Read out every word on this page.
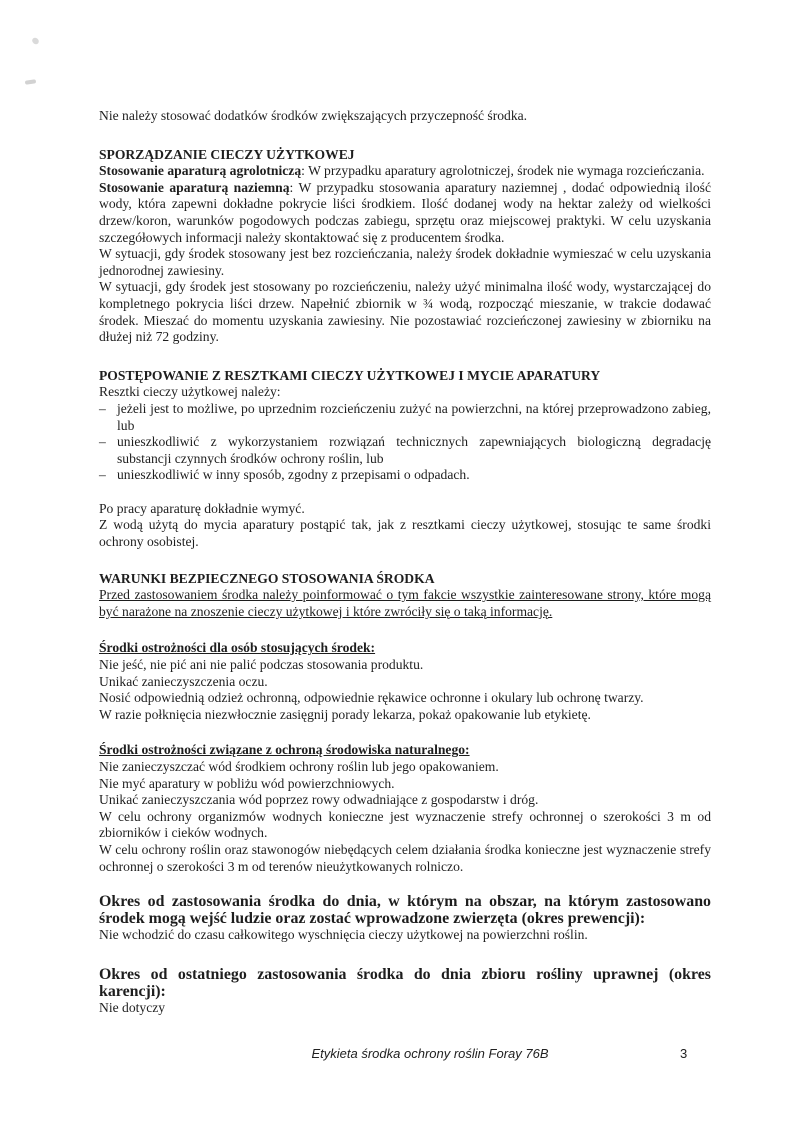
Nie należy stosować dodatków środków zwiększających przyczepność środka.

SPORZĄDZANIE CIECZY UŻYTKOWEJ

Stosowanie aparaturą agrolotniczą: W przypadku aparatury agrolotniczej, środek nie wymaga rozcieńczania.

Stosowanie aparaturą naziemną: W przypadku stosowania aparatury naziemnej , dodać odpowiednią ilość wody, która zapewni dokładne pokrycie liści środkiem. Ilość dodanej wody na hektar zależy od wielkości drzew/koron, warunków pogodowych podczas zabiegu, sprzętu oraz miejscowej praktyki. W celu uzyskania szczegółowych informacji należy skontaktować się z producentem środka.

W sytuacji, gdy środek stosowany jest bez rozcieńczania, należy środek dokładnie wymieszać w celu uzyskania jednorodnej zawiesiny.

W sytuacji, gdy środek jest stosowany po rozcieńczeniu, należy użyć minimalna ilość wody, wystarczającej do kompletnego pokrycia liści drzew. Napełnić zbiornik w ¾ wodą, rozpocząć mieszanie, w trakcie dodawać środek. Mieszać do momentu uzyskania zawiesiny. Nie pozostawiać rozcieńczonej zawiesiny w zbiorniku na dłużej niż 72 godziny.

POSTĘPOWANIE Z RESZTKAMI CIECZY UŻYTKOWEJ I MYCIE APARATURY

Resztki cieczy użytkowej należy:

– jeżeli jest to możliwe, po uprzednim rozcieńczeniu zużyć na powierzchni, na której przeprowadzono zabieg, lub
– unieszkodliwić z wykorzystaniem rozwiązań technicznych zapewniających biologiczną degradację substancji czynnych środków ochrony roślin, lub
– unieszkodliwić w inny sposób, zgodny z przepisami o odpadach.

Po pracy aparaturę dokładnie wymyć.

Z wodą użytą do mycia aparatury postąpić tak, jak z resztkami cieczy użytkowej, stosując te same środki ochrony osobistej.

WARUNKI BEZPIECZNEGO STOSOWANIA ŚRODKA

Przed zastosowaniem środka należy poinformować o tym fakcie wszystkie zainteresowane strony, które mogą być narażone na znoszenie cieczy użytkowej i które zwróciły się o taką informację.

Środki ostrożności dla osób stosujących środek:

Nie jeść, nie pić ani nie palić podczas stosowania produktu.

Unikać zanieczyszczenia oczu.

Nosić odpowiednią odzież ochronną, odpowiednie rękawice ochronne i okulary lub ochronę twarzy.

W razie połknięcia niezwłocznie zasięgnij porady lekarza, pokaż opakowanie lub etykietę.

Środki ostrożności związane z ochroną środowiska naturalnego:

Nie zanieczyszczać wód środkiem ochrony roślin lub jego opakowaniem.

Nie myć aparatury w pobliżu wód powierzchniowych.

Unikać zanieczyszczania wód poprzez rowy odwadniające z gospodarstw i dróg.

W celu ochrony organizmów wodnych konieczne jest wyznaczenie strefy ochronnej o szerokości 3 m od zbiorników i cieków wodnych.

W celu ochrony roślin oraz stawonogów niebędących celem działania środka konieczne jest wyznaczenie strefy ochronnej o szerokości 3 m od terenów nieużytkowanych rolniczo.

Okres od zastosowania środka do dnia, w którym na obszar, na którym zastosowano środek mogą wejść ludzie oraz zostać wprowadzone zwierzęta (okres prewencji):

Nie wchodzić do czasu całkowitego wyschnięcia cieczy użytkowej na powierzchni roślin.

Okres od ostatniego zastosowania środka do dnia zbioru rośliny uprawnej (okres karencji):

Nie dotyczy

Etykieta środka ochrony roślin Foray 76B	3
